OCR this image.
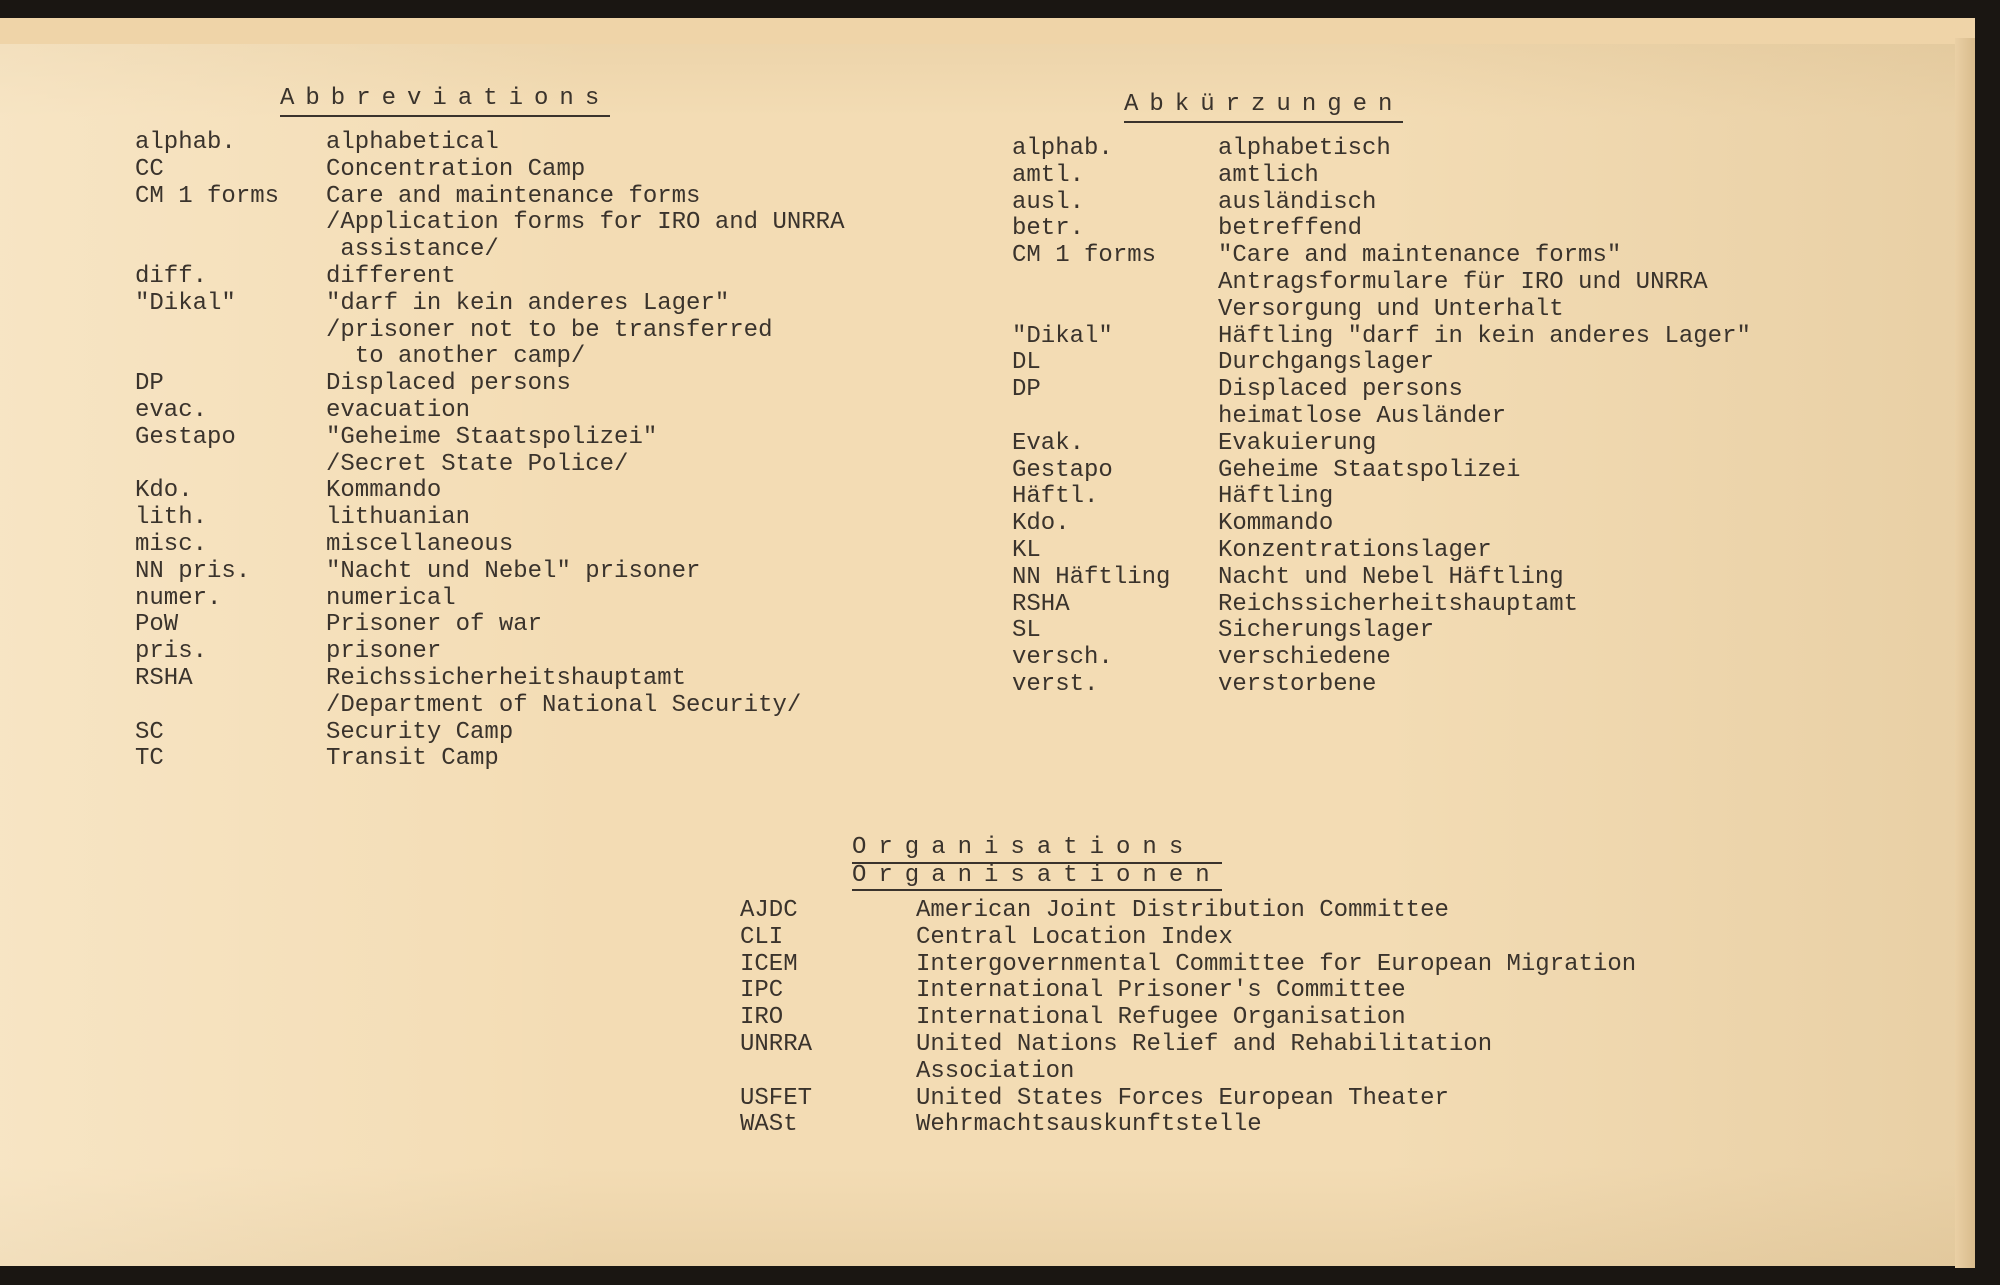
Abbreviations
alphab.	alphabetical
CC	Concentration Camp
CM 1 forms	Care and maintenance forms
/Application forms for IRO and UNRRA
assistance/
diff.	different
"Dikal"	"darf in kein anderes Lager"
/prisoner not to be transferred
to another camp/
DP	Displaced persons
evac.	evacuation
Gestapo	"Geheime Staatspolizei"
/Secret State Police/
Kdo.	Kommando
lith.	lithuanian
misc.	miscellaneous
NN pris.	"Nacht und Nebel" prisoner
numer.	numerical
PoW	Prisoner of war
pris.	prisoner
RSHA	Reichssicherheitshauptamt
/Department of National Security/
SC	Security Camp
TC	Transit Camp
Abkürzungen
alphab.	alphabetisch
amtl.	amtlich
ausl.	ausländisch
betr.	betreffend
CM 1 forms	"Care and maintenance forms"
Antragsformulare für IRO und UNRRA
Versorgung und Unterhalt
"Dikal"	Häftling "darf in kein anderes Lager"
DL	Durchgangslager
DP	Displaced persons
heimatlose Ausländer
Evak.	Evakuierung
Gestapo	Geheime Staatspolizei
Häftl.	Häftling
Kdo.	Kommando
KL	Konzentrationslager
NN Häftling	Nacht und Nebel Häftling
RSHA	Reichssicherheitshauptamt
SL	Sicherungslager
versch.	verschiedene
verst.	verstorbene
Organisations
Organisationen
AJDC	American Joint Distribution Committee
CLI	Central Location Index
ICEM	Intergovernmental Committee for European Migration
IPC	International Prisoner's Committee
IRO	International Refugee Organisation
UNRRA	United Nations Relief and Rehabilitation
Association
USFET	United States Forces European Theater
WASt	Wehrmachtsauskunftstelle
